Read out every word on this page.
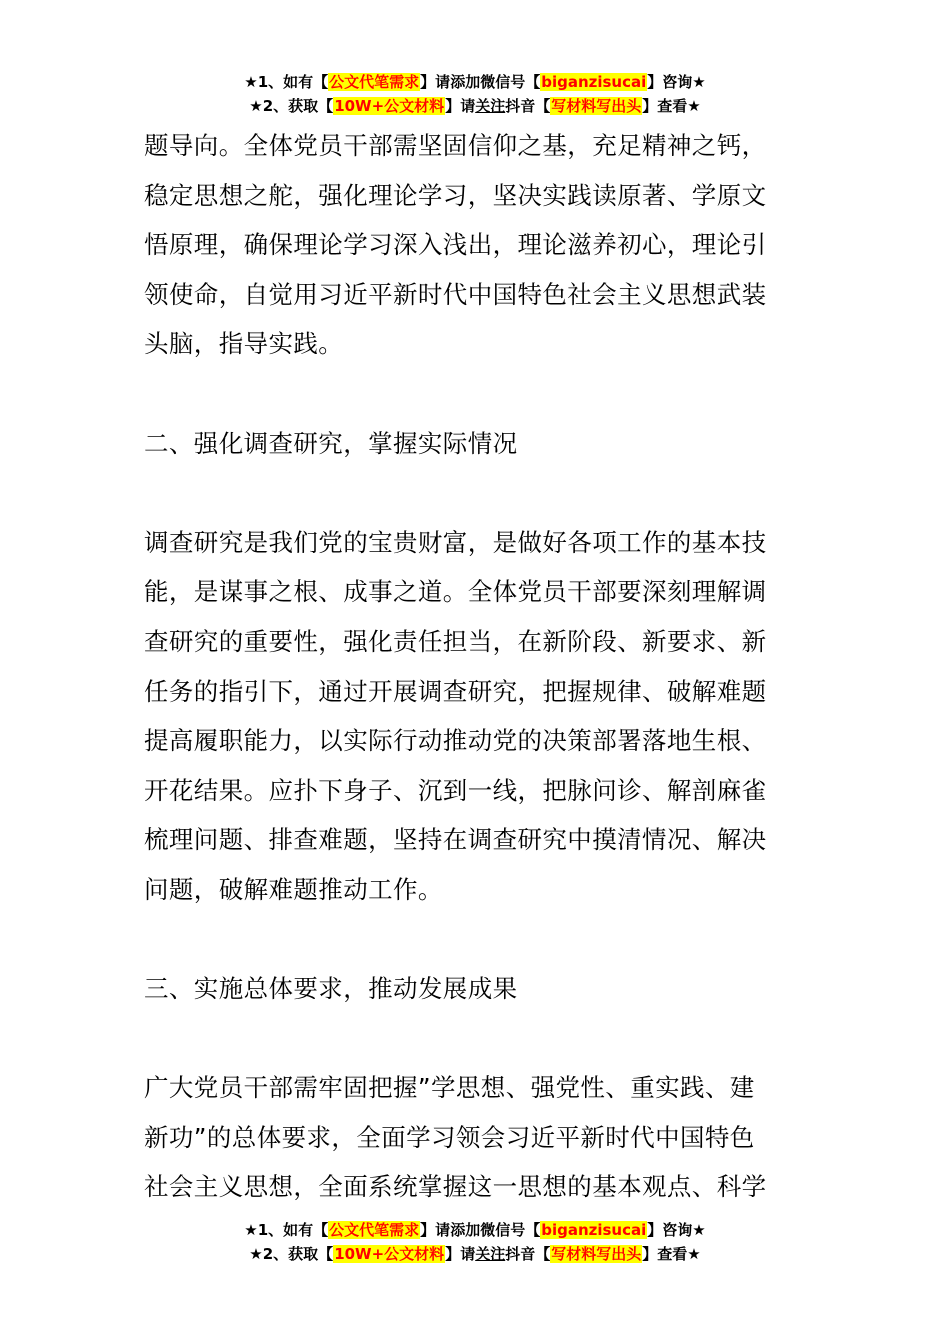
★1、如有【公文代笔需求】请添加微信号【biganzisucai】咨询★
★2、获取【10W+公文材料】请关注抖音【写材料写出头】查看★

题导向。全体党员干部需坚固信仰之基，充足精神之钙，
稳定思想之舵，强化理论学习，坚决实践读原著、学原文
悟原理，确保理论学习深入浅出，理论滋养初心，理论引
领使命，自觉用习近平新时代中国特色社会主义思想武装
头脑，指导实践。

二、强化调查研究，掌握实际情况

调查研究是我们党的宝贵财富，是做好各项工作的基本技
能，是谋事之根、成事之道。全体党员干部要深刻理解调
查研究的重要性，强化责任担当，在新阶段、新要求、新
任务的指引下，通过开展调查研究，把握规律、破解难题
提高履职能力，以实际行动推动党的决策部署落地生根、
开花结果。应扑下身子、沉到一线，把脉问诊、解剖麻雀
梳理问题、排查难题，坚持在调查研究中摸清情况、解决
问题，破解难题推动工作。

三、实施总体要求，推动发展成果

广大党员干部需牢固把握”学思想、强党性、重实践、建
新功”的总体要求，全面学习领会习近平新时代中国特色
社会主义思想，全面系统掌握这一思想的基本观点、科学

★1、如有【公文代笔需求】请添加微信号【biganzisucai】咨询★
★2、获取【10W+公文材料】请关注抖音【写材料写出头】查看★
